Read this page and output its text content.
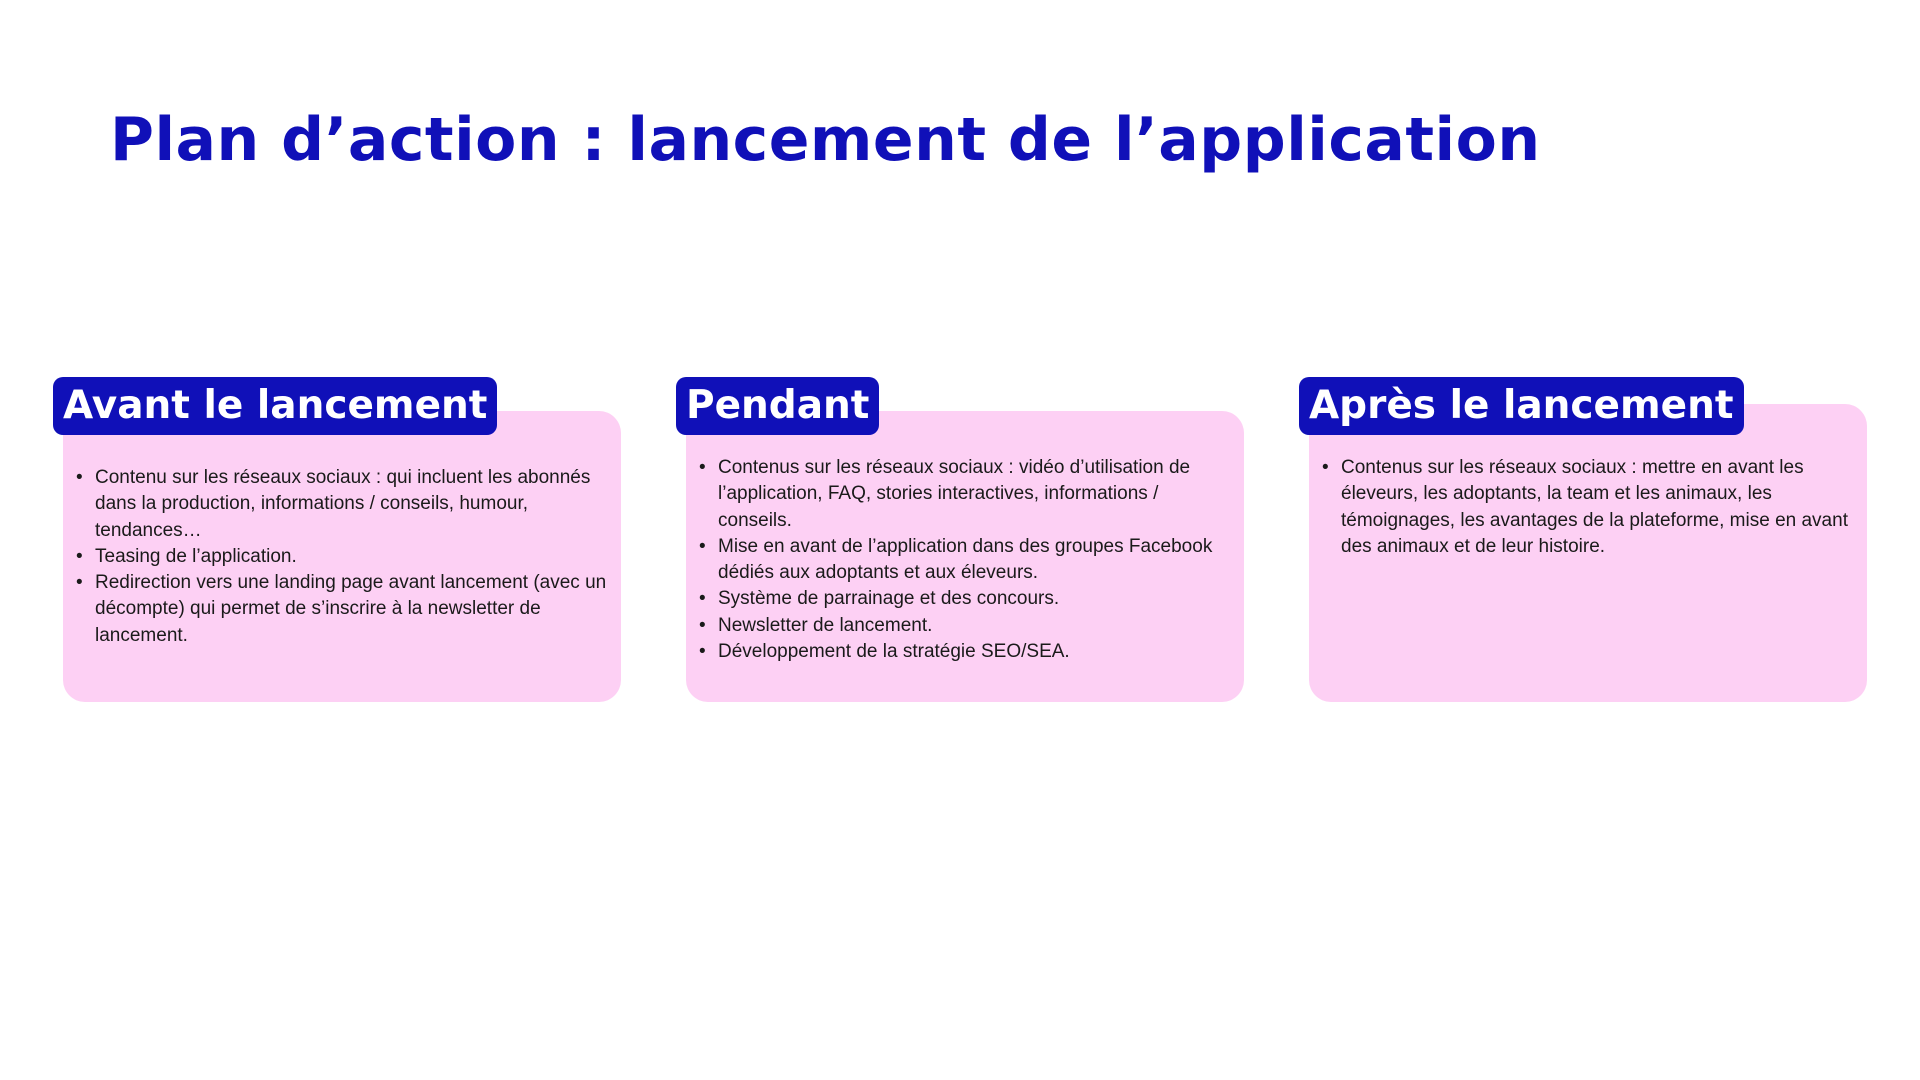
Plan d’action : lancement de l’application
Avant le lancement
• Contenu sur les réseaux sociaux : qui incluent les abonnés dans la production, informations / conseils, humour, tendances…
• Teasing de l’application.
• Redirection vers une landing page avant lancement (avec un décompte) qui permet de s’inscrire à la newsletter de lancement.
Pendant
• Contenus sur les réseaux sociaux : vidéo d’utilisation de l’application, FAQ, stories interactives, informations / conseils.
• Mise en avant de l’application dans des groupes Facebook dédiés aux adoptants et aux éleveurs.
• Système de parrainage et des concours.
• Newsletter de lancement.
• Développement de la stratégie SEO/SEA.
Après le lancement
• Contenus sur les réseaux sociaux : mettre en avant les éleveurs, les adoptants, la team et les animaux, les témoignages, les avantages de la plateforme, mise en avant des animaux et de leur histoire.
